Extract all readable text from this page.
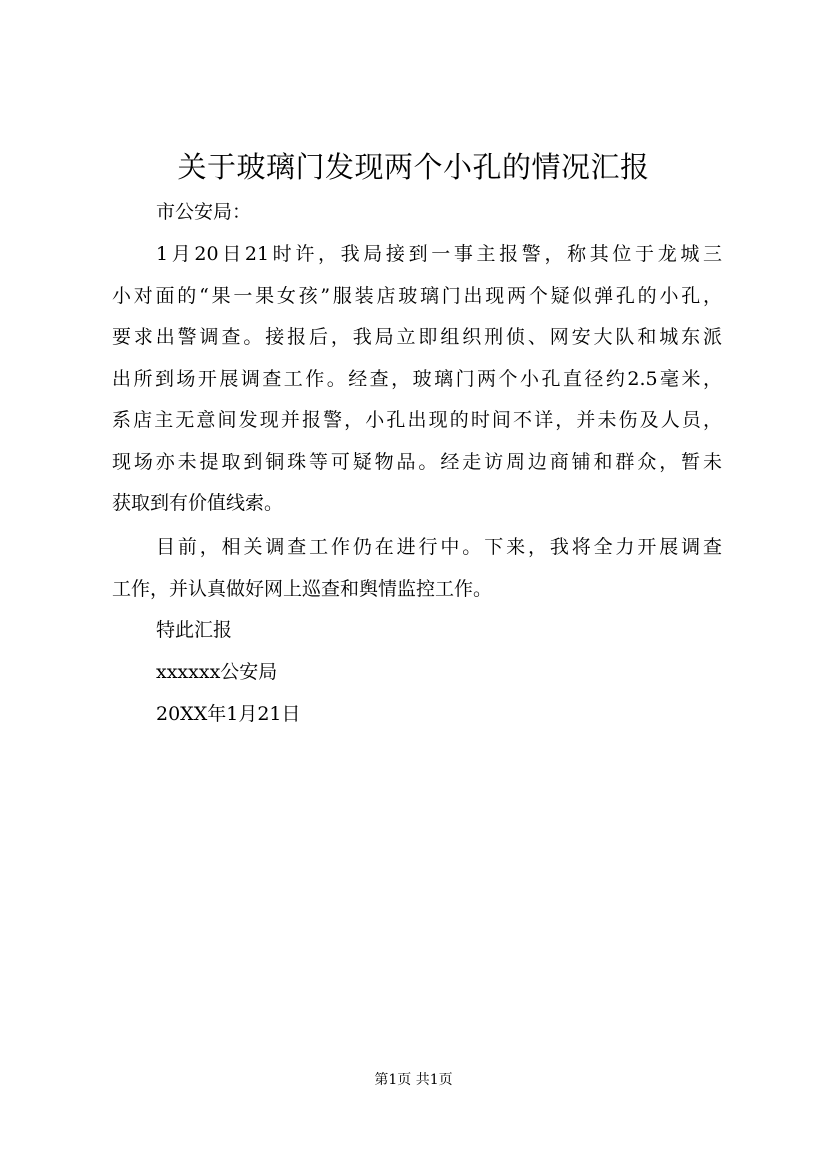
关于玻璃门发现两个小孔的情况汇报
市公安局：
1月20日21时许，我局接到一事主报警，称其位于龙城三
小对面的“果一果女孩”服装店玻璃门出现两个疑似弹孔的小孔，
要求出警调查。接报后，我局立即组织刑侦、网安大队和城东派
出所到场开展调查工作。经查，玻璃门两个小孔直径约2.5毫米，
系店主无意间发现并报警，小孔出现的时间不详，并未伤及人员，
现场亦未提取到铜珠等可疑物品。经走访周边商铺和群众，暂未
获取到有价值线索。
目前，相关调查工作仍在进行中。下来，我将全力开展调查
工作，并认真做好网上巡查和舆情监控工作。
特此汇报
xxxxxx公安局
20XX年1月21日
第1页 共1页
